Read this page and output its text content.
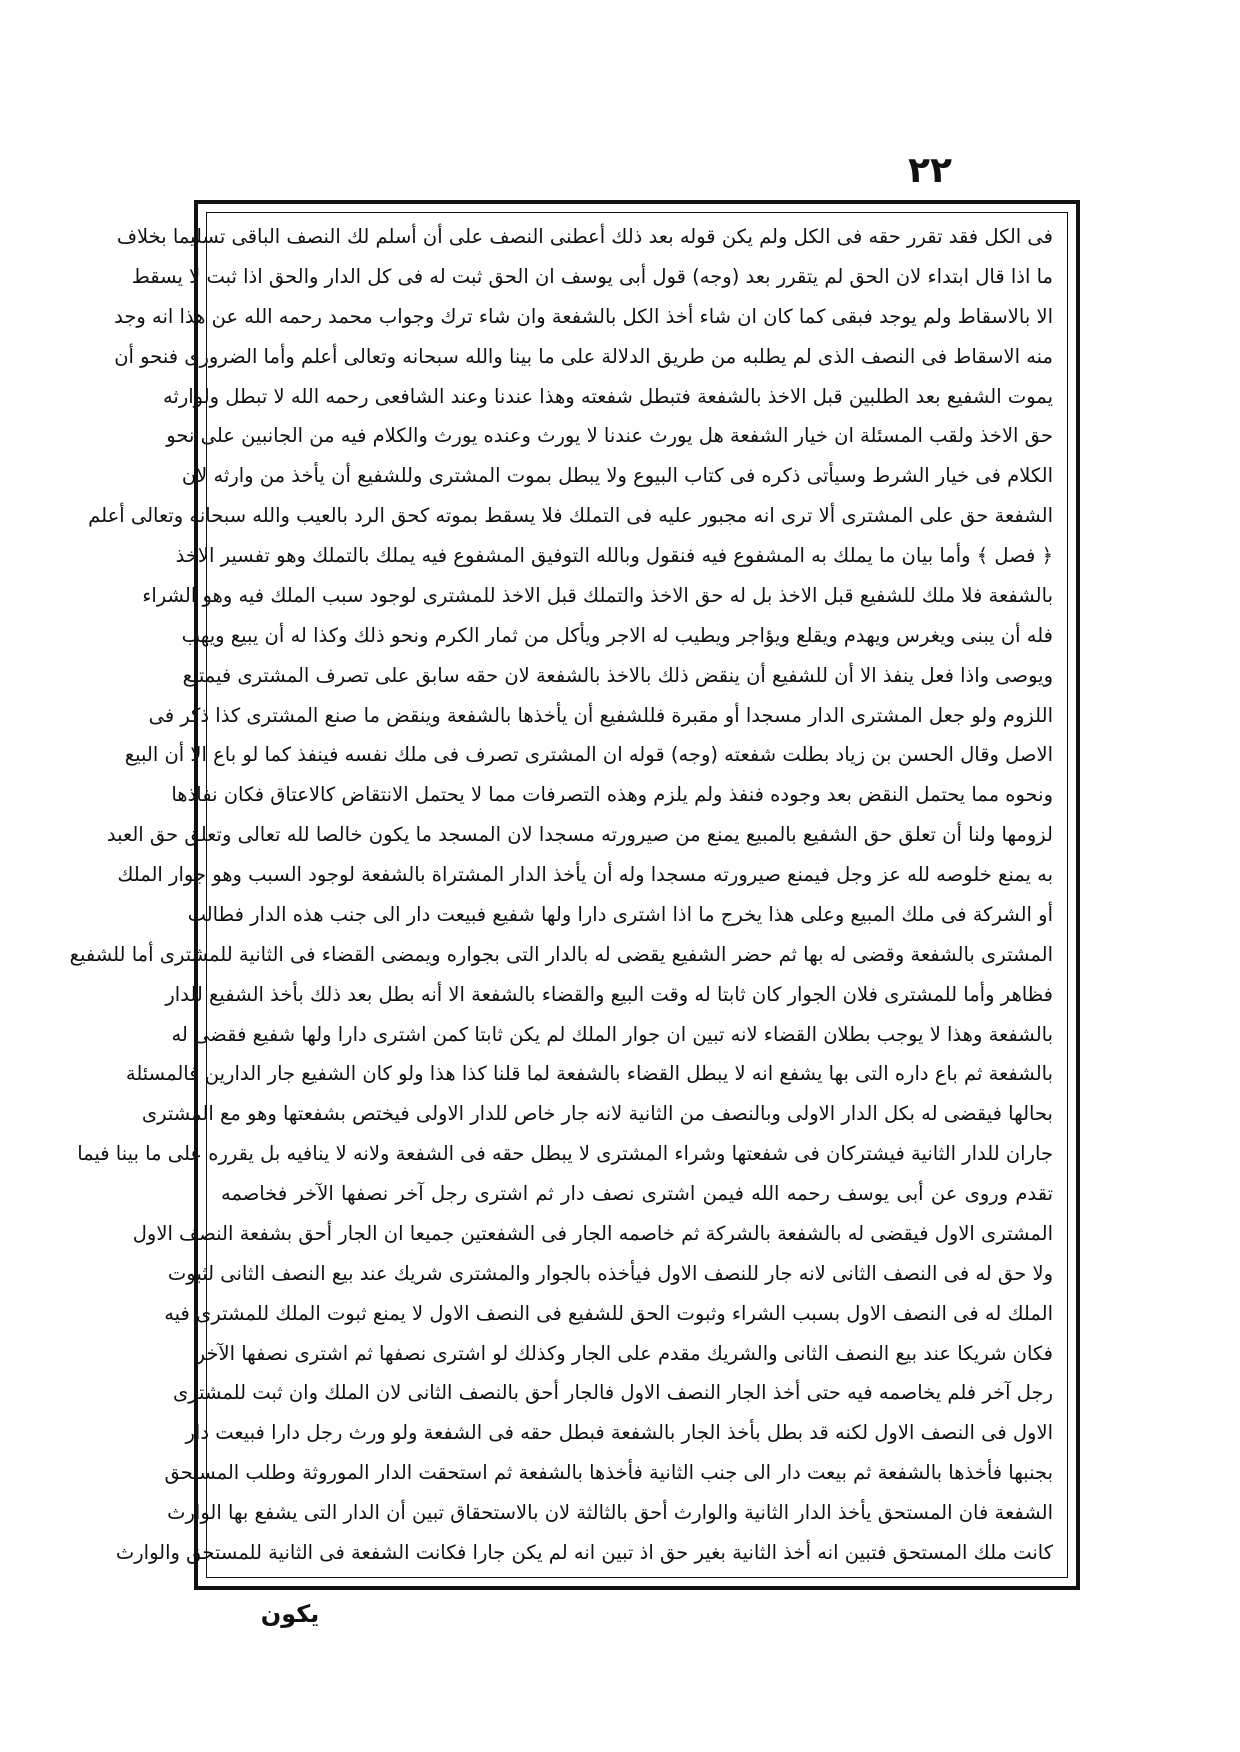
٢٢
فى الكل فقد تقرر حقه فى الكل ولم يكن قوله بعد ذلك أعطنى النصف على أن أسلم لك النصف الباقى تسليما بخلاف
ما اذا قال ابتداء لان الحق لم يتقرر بعد (وجه) قول أبى يوسف ان الحق ثبت له فى كل الدار والحق اذا ثبت لا يسقط
الا بالاسقاط ولم يوجد فبقى كما كان ان شاء أخذ الكل بالشفعة وان شاء ترك وجواب محمد رحمه الله عن هذا انه وجد
منه الاسقاط فى النصف الذى لم يطلبه من طريق الدلالة على ما بينا والله سبحانه وتعالى أعلم وأما الضرورى فنحو أن
يموت الشفيع بعد الطلبين قبل الاخذ بالشفعة فتبطل شفعته وهذا عندنا وعند الشافعى رحمه الله لا تبطل ولوارثه
حق الاخذ ولقب المسئلة ان خيار الشفعة هل يورث عندنا لا يورث وعنده يورث والكلام فيه من الجانبين على نحو
الكلام فى خيار الشرط وسيأتى ذكره فى كتاب البيوع ولا يبطل بموت المشترى وللشفيع أن يأخذ من وارثه لان
الشفعة حق على المشترى ألا ترى انه مجبور عليه فى التملك فلا يسقط بموته كحق الرد بالعيب والله سبحانه وتعالى أعلم
﴿ فصل ﴾ وأما بيان ما يملك به المشفوع فيه فنقول وبالله التوفيق المشفوع فيه يملك بالتملك وهو تفسير الاخذ
بالشفعة فلا ملك للشفيع قبل الاخذ بل له حق الاخذ والتملك قبل الاخذ للمشترى لوجود سبب الملك فيه وهو الشراء
فله أن يبنى ويغرس ويهدم ويقلع ويؤاجر ويطيب له الاجر ويأكل من ثمار الكرم ونحو ذلك وكذا له أن يبيع ويهب
ويوصى واذا فعل ينفذ الا أن للشفيع أن ينقض ذلك بالاخذ بالشفعة لان حقه سابق على تصرف المشترى فيمتنع
اللزوم ولو جعل المشترى الدار مسجدا أو مقبرة فللشفيع أن يأخذها بالشفعة وينقض ما صنع المشترى كذا ذكر فى
الاصل وقال الحسن بن زياد بطلت شفعته (وجه) قوله ان المشترى تصرف فى ملك نفسه فينفذ كما لو باع الا أن البيع
ونحوه مما يحتمل النقض بعد وجوده فنفذ ولم يلزم وهذه التصرفات مما لا يحتمل الانتقاض كالاعتاق فكان نفاذها
لزومها ولنا أن تعلق حق الشفيع بالمبيع يمنع من صيرورته مسجدا لان المسجد ما يكون خالصا لله تعالى وتعلق حق العبد
به يمنع خلوصه لله عز وجل فيمنع صيرورته مسجدا وله أن يأخذ الدار المشتراة بالشفعة لوجود السبب وهو جوار الملك
أو الشركة فى ملك المبيع وعلى هذا يخرج ما اذا اشترى دارا ولها شفيع فبيعت دار الى جنب هذه الدار فطالب
المشترى بالشفعة وقضى له بها ثم حضر الشفيع يقضى له بالدار التى بجواره ويمضى القضاء فى الثانية للمشترى أما للشفيع
فظاهر وأما للمشترى فلان الجوار كان ثابتا له وقت البيع والقضاء بالشفعة الا أنه بطل بعد ذلك بأخذ الشفيع للدار
بالشفعة وهذا لا يوجب بطلان القضاء لانه تبين ان جوار الملك لم يكن ثابتا كمن اشترى دارا ولها شفيع فقضى له
بالشفعة ثم باع داره التى بها يشفع انه لا يبطل القضاء بالشفعة لما قلنا كذا هذا ولو كان الشفيع جار الدارين فالمسئلة
بحالها فيقضى له بكل الدار الاولى وبالنصف من الثانية لانه جار خاص للدار الاولى فيختص بشفعتها وهو مع المشترى
جاران للدار الثانية فيشتركان فى شفعتها وشراء المشترى لا يبطل حقه فى الشفعة ولانه لا ينافيه بل يقرره على ما بينا فيما
تقدم وروى عن أبى يوسف رحمه الله فيمن اشترى نصف دار ثم اشترى رجل آخر نصفها الآخر فخاصمه
المشترى الاول فيقضى له بالشفعة بالشركة ثم خاصمه الجار فى الشفعتين جميعا ان الجار أحق بشفعة النصف الاول
ولا حق له فى النصف الثانى لانه جار للنصف الاول فيأخذه بالجوار والمشترى شريك عند بيع النصف الثانى لثبوت
الملك له فى النصف الاول بسبب الشراء وثبوت الحق للشفيع فى النصف الاول لا يمنع ثبوت الملك للمشترى فيه
فكان شريكا عند بيع النصف الثانى والشريك مقدم على الجار وكذلك لو اشترى نصفها ثم اشترى نصفها الآخر
رجل آخر فلم يخاصمه فيه حتى أخذ الجار النصف الاول فالجار أحق بالنصف الثانى لان الملك وان ثبت للمشترى
الاول فى النصف الاول لكنه قد بطل بأخذ الجار بالشفعة فبطل حقه فى الشفعة ولو ورث رجل دارا فبيعت دار
بجنبها فأخذها بالشفعة ثم بيعت دار الى جنب الثانية فأخذها بالشفعة ثم استحقت الدار الموروثة وطلب المستحق
الشفعة فان المستحق يأخذ الدار الثانية والوارث أحق بالثالثة لان بالاستحقاق تبين أن الدار التى يشفع بها الوارث
كانت ملك المستحق فتبين انه أخذ الثانية بغير حق اذ تبين انه لم يكن جارا فكانت الشفعة فى الثانية للمستحق والوارث
يكون
